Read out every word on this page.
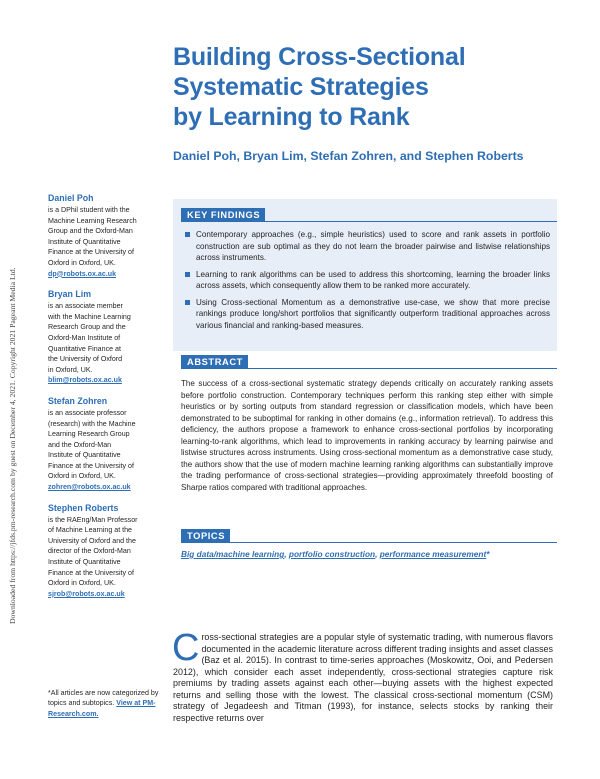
Downloaded from https://jfds.pm-research.com by guest on December 4, 2021. Copyright 2021 Pageant Media Ltd.
Building Cross-Sectional
Systematic Strategies
by Learning to Rank
Daniel Poh, Bryan Lim, Stefan Zohren, and Stephen Roberts
Daniel Poh
is a DPhil student with the
Machine Learning Research
Group and the Oxford-Man
Institute of Quantitative
Finance at the University of
Oxford in Oxford, UK.
dp@robots.ox.ac.uk
Bryan Lim
is an associate member
with the Machine Learning
Research Group and the
Oxford-Man Institute of
Quantitative Finance at
the University of Oxford
in Oxford, UK.
blim@robots.ox.ac.uk
Stefan Zohren
is an associate professor
(research) with the Machine
Learning Research Group
and the Oxford-Man
Institute of Quantitative
Finance at the University of
Oxford in Oxford, UK.
zohren@robots.ox.ac.uk
Stephen Roberts
is the RAEng/Man Professor
of Machine Learning at the
University of Oxford and the
director of the Oxford-Man
Institute of Quantitative
Finance at the University of
Oxford in Oxford, UK.
sjrob@robots.ox.ac.uk
*All articles are now categorized by topics and subtopics. View at PM-Research.com.
KEY FINDINGS
Contemporary approaches (e.g., simple heuristics) used to score and rank assets in portfolio construction are sub optimal as they do not learn the broader pairwise and listwise relationships across instruments.
Learning to rank algorithms can be used to address this shortcoming, learning the broader links across assets, which consequently allow them to be ranked more accurately.
Using Cross-sectional Momentum as a demonstrative use-case, we show that more precise rankings produce long/short portfolios that significantly outperform traditional approaches across various financial and ranking-based measures.
ABSTRACT
The success of a cross-sectional systematic strategy depends critically on accurately ranking assets before portfolio construction. Contemporary techniques perform this ranking step either with simple heuristics or by sorting outputs from standard regression or classification models, which have been demonstrated to be suboptimal for ranking in other domains (e.g., information retrieval). To address this deficiency, the authors propose a framework to enhance cross-sectional portfolios by incorporating learning-to-rank algorithms, which lead to improvements in ranking accuracy by learning pairwise and listwise structures across instruments. Using cross-sectional momentum as a demonstrative case study, the authors show that the use of modern machine learning ranking algorithms can substantially improve the trading performance of cross-sectional strategies—providing approximately threefold boosting of Sharpe ratios compared with traditional approaches.
TOPICS
Big data/machine learning, portfolio construction, performance measurement*
C ross-sectional strategies are a popular style of systematic trading, with numerous flavors documented in the academic literature across different trading insights and asset classes (Baz et al. 2015). In contrast to time-series approaches (Moskowitz, Ooi, and Pedersen 2012), which consider each asset independently, cross-sectional strategies capture risk premiums by trading assets against each other—buying assets with the highest expected returns and selling those with the lowest. The classical cross-sectional momentum (CSM) strategy of Jegadeesh and Titman (1993), for instance, selects stocks by ranking their respective returns over
